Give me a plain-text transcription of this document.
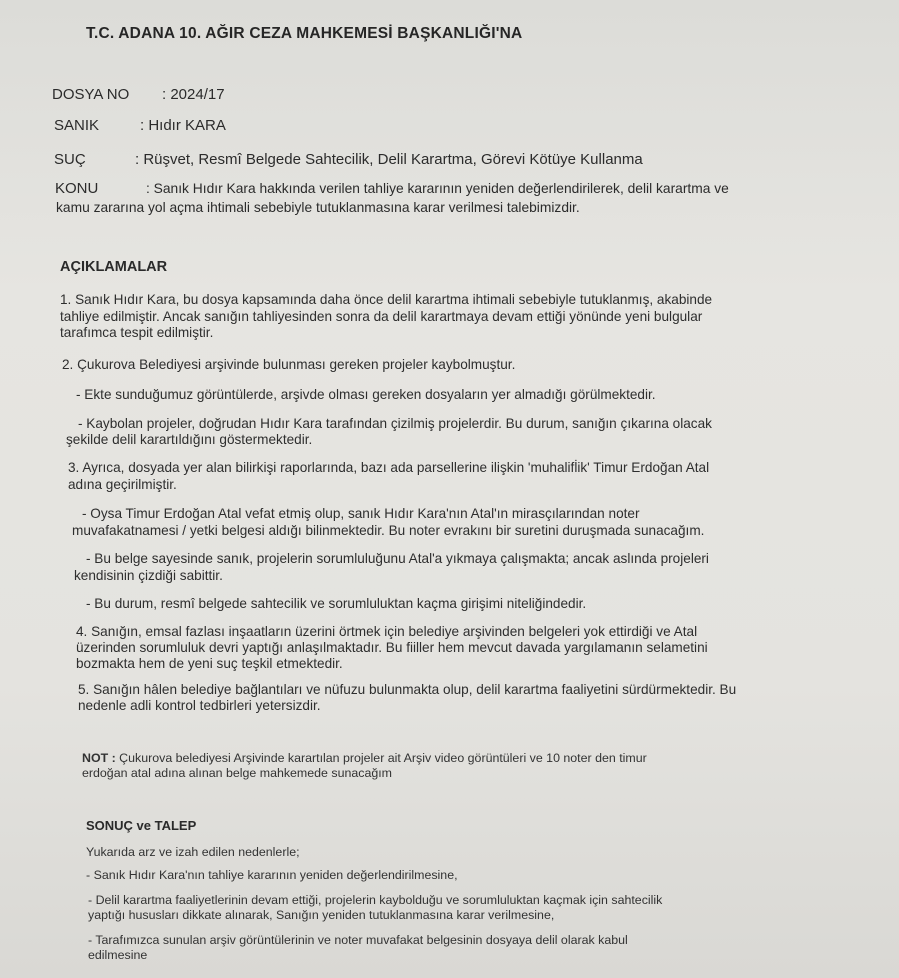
T.C. ADANA 10. AĞIR CEZA MAHKEMESİ BAŞKANLIĞI'NA
DOSYA NO : 2024/17
SANIK	: Hıdır KARA
SUÇ	: Rüşvet, Resmî Belgede Sahtecilik, Delil Karartma, Görevi Kötüye Kullanma
KONU	: Sanık Hıdır Kara hakkında verilen tahliye kararının yeniden değerlendirilerek, delil karartma ve
kamu zararına yol açma ihtimali sebebiyle tutuklanmasına karar verilmesi talebimizdir.
AÇIKLAMALAR
1. Sanık Hıdır Kara, bu dosya kapsamında daha önce delil karartma ihtimali sebebiyle tutuklanmış, akabinde
tahliye edilmiştir. Ancak sanığın tahliyesinden sonra da delil karartmaya devam ettiği yönünde yeni bulgular
tarafımca tespit edilmiştir.
2. Çukurova Belediyesi arşivinde bulunması gereken projeler kaybolmuştur.
- Ekte sunduğumuz görüntülerde, arşivde olması gereken dosyaların yer almadığı görülmektedir.
- Kaybolan projeler, doğrudan Hıdır Kara tarafından çizilmiş projelerdir. Bu durum, sanığın çıkarına olacak
şekilde delil karartıldığını göstermektedir.
3. Ayrıca, dosyada yer alan bilirkişi raporlarında, bazı ada parsellerine ilişkin 'muhalifl̇ik' Timur Erdoğan Atal
adına geçirilmiştir.
- Oysa Timur Erdoğan Atal vefat etmiş olup, sanık Hıdır Kara'nın Atal'ın mirasçılarından noter
muvafakatnamesi / yetki belgesi aldığı bilinmektedir. Bu noter evrakını bir suretini duruşmada sunacağım.
- Bu belge sayesinde sanık, projelerin sorumluluğunu Atal'a yıkmaya çalışmakta; ancak aslında projeleri
kendisinin çizdiği sabittir.
- Bu durum, resmî belgede sahtecilik ve sorumluluktan kaçma girişimi niteliğindedir.
4. Sanığın, emsal fazlası inşaatların üzerini örtmek için belediye arşivinden belgeleri yok ettirdiği ve Atal
üzerinden sorumluluk devri yaptığı anlaşılmaktadır. Bu fiiller hem mevcut davada yargılamanın selametini
bozmakta hem de yeni suç teşkil etmektedir.
5. Sanığın hâlen belediye bağlantıları ve nüfuzu bulunmakta olup, delil karartma faaliyetini sürdürmektedir. Bu
nedenle adli kontrol tedbirleri yetersizdir.
NOT : Çukurova belediyesi Arşivinde karartılan projeler ait Arşiv video görüntüleri ve 10 noter den timur
erdoğan atal adına alınan belge mahkemede sunacağım
SONUÇ ve TALEP
Yukarıda arz ve izah edilen nedenlerle;
- Sanık Hıdır Kara'nın tahliye kararının yeniden değerlendirilmesine,
- Delil karartma faaliyetlerinin devam ettiği, projelerin kaybolduğu ve sorumluluktan kaçmak için sahtecilik
yaptığı hususları dikkate alınarak, Sanığın yeniden tutuklanmasına karar verilmesine,
- Tarafımızca sunulan arşiv görüntülerinin ve noter muvafakat belgesinin dosyaya delil olarak kabul
edilmesine
